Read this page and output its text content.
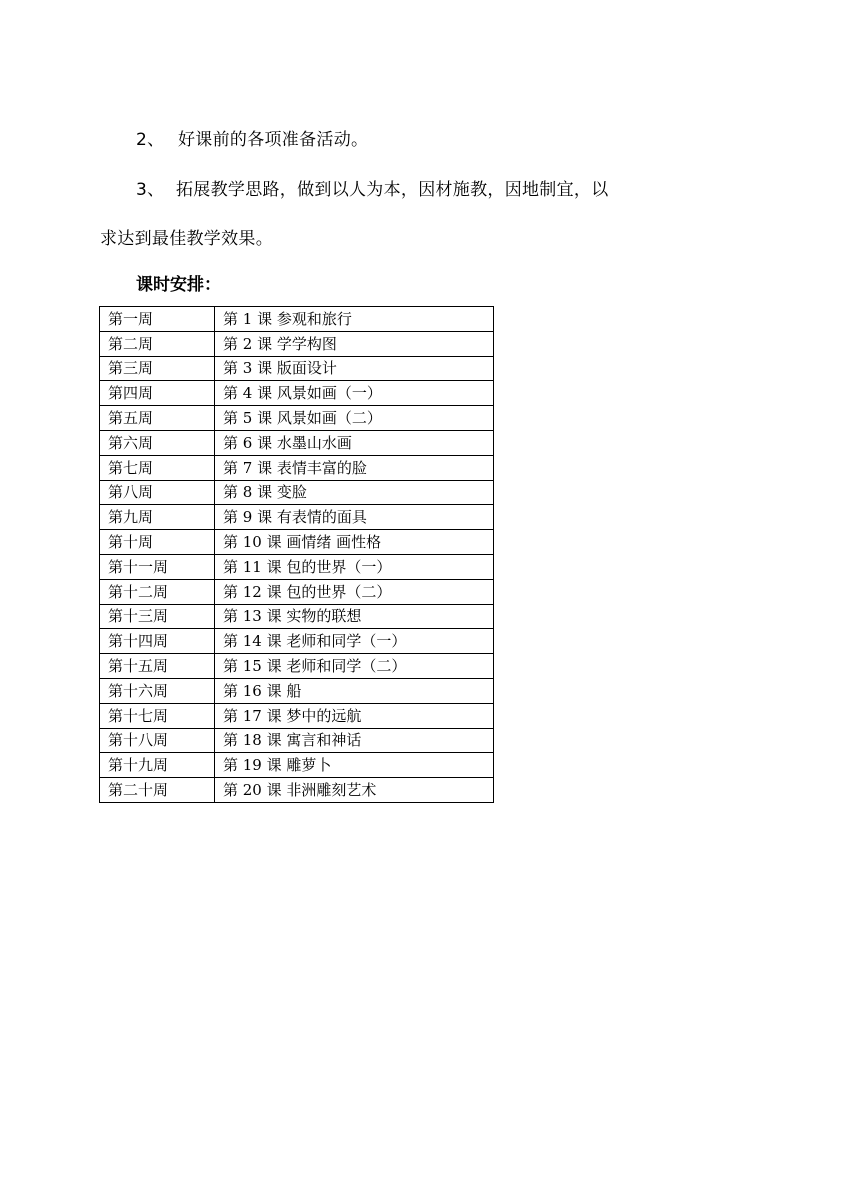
2、 好课前的各项准备活动。
3、 拓展教学思路，做到以人为本，因材施教，因地制宜，以
求达到最佳教学效果。
课时安排：
第一周	第 1 课 参观和旅行
第二周	第 2 课 学学构图
第三周	第 3 课 版面设计
第四周	第 4 课 风景如画（一）
第五周	第 5 课 风景如画（二）
第六周	第 6 课 水墨山水画
第七周	第 7 课 表情丰富的脸
第八周	第 8 课 变脸
第九周	第 9 课 有表情的面具
第十周	第 10 课 画情绪 画性格
第十一周	第 11 课 包的世界（一）
第十二周	第 12 课 包的世界（二）
第十三周	第 13 课 实物的联想
第十四周	第 14 课 老师和同学（一）
第十五周	第 15 课 老师和同学（二）
第十六周	第 16 课 船
第十七周	第 17 课 梦中的远航
第十八周	第 18 课 寓言和神话
第十九周	第 19 课 雕萝卜
第二十周	第 20 课 非洲雕刻艺术
